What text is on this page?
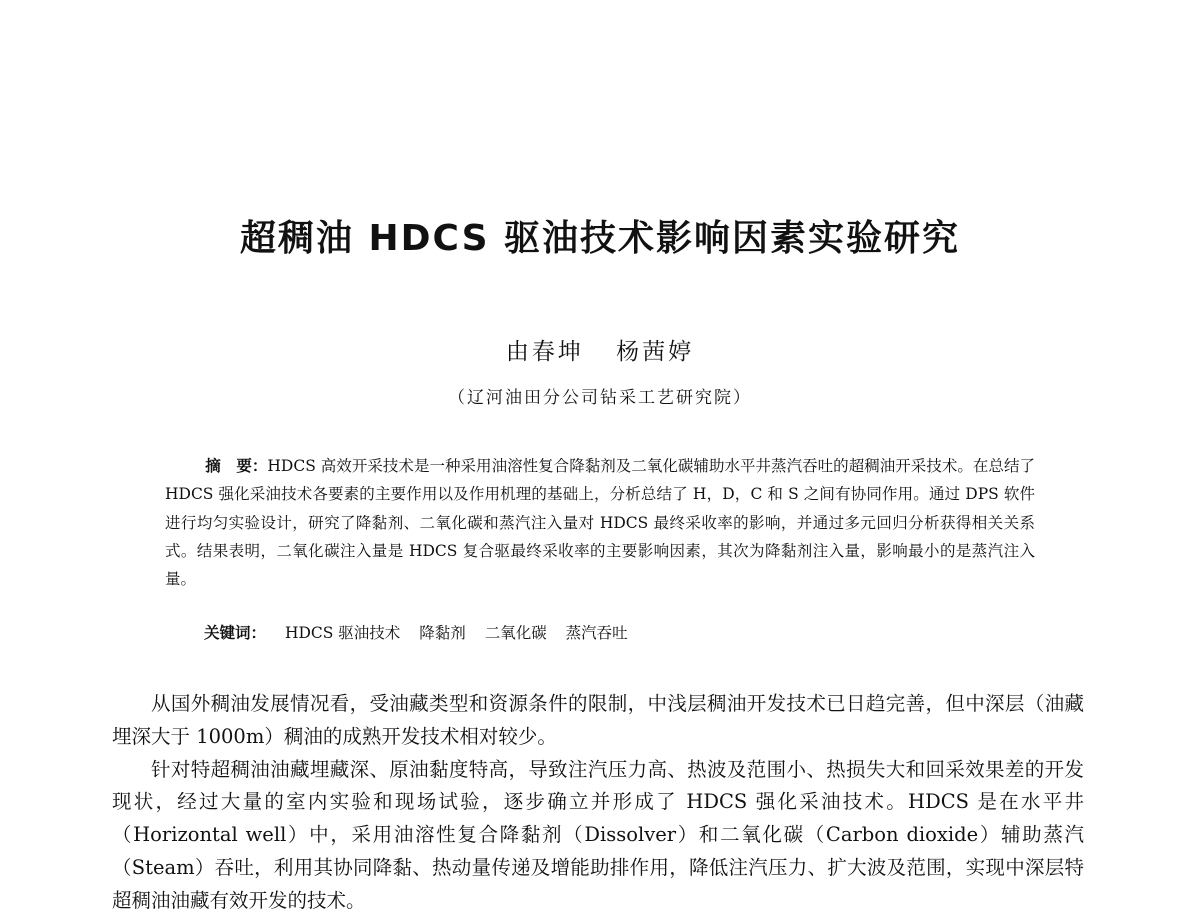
超稠油 HDCS 驱油技术影响因素实验研究
由春坤 杨茜婷
（辽河油田分公司钻采工艺研究院）
摘　要：HDCS 高效开采技术是一种采用油溶性复合降黏剂及二氧化碳辅助水平井蒸汽吞吐的超稠油开采技术。在总结了 HDCS 强化采油技术各要素的主要作用以及作用机理的基础上，分析总结了 H，D，C 和 S 之间有协同作用。通过 DPS 软件进行均匀实验设计，研究了降黏剂、二氧化碳和蒸汽注入量对 HDCS 最终采收率的影响，并通过多元回归分析获得相关关系式。结果表明，二氧化碳注入量是 HDCS 复合驱最终采收率的主要影响因素，其次为降黏剂注入量，影响最小的是蒸汽注入量。
关键词： HDCS 驱油技术 降黏剂 二氧化碳 蒸汽吞吐

从国外稠油发展情况看，受油藏类型和资源条件的限制，中浅层稠油开发技术已日趋完善，但中深层（油藏埋深大于 1000m）稠油的成熟开发技术相对较少。

针对特超稠油油藏埋藏深、原油黏度特高，导致注汽压力高、热波及范围小、热损失大和回采效果差的开发现状，经过大量的室内实验和现场试验，逐步确立并形成了 HDCS 强化采油技术。HDCS 是在水平井（Horizontal well）中，采用油溶性复合降黏剂（Dissolver）和二氧化碳（Carbon dioxide）辅助蒸汽（Steam）吞吐，利用其协同降黏、热动量传递及增能助排作用，降低注汽压力、扩大波及范围，实现中深层特超稠油油藏有效开发的技术。
